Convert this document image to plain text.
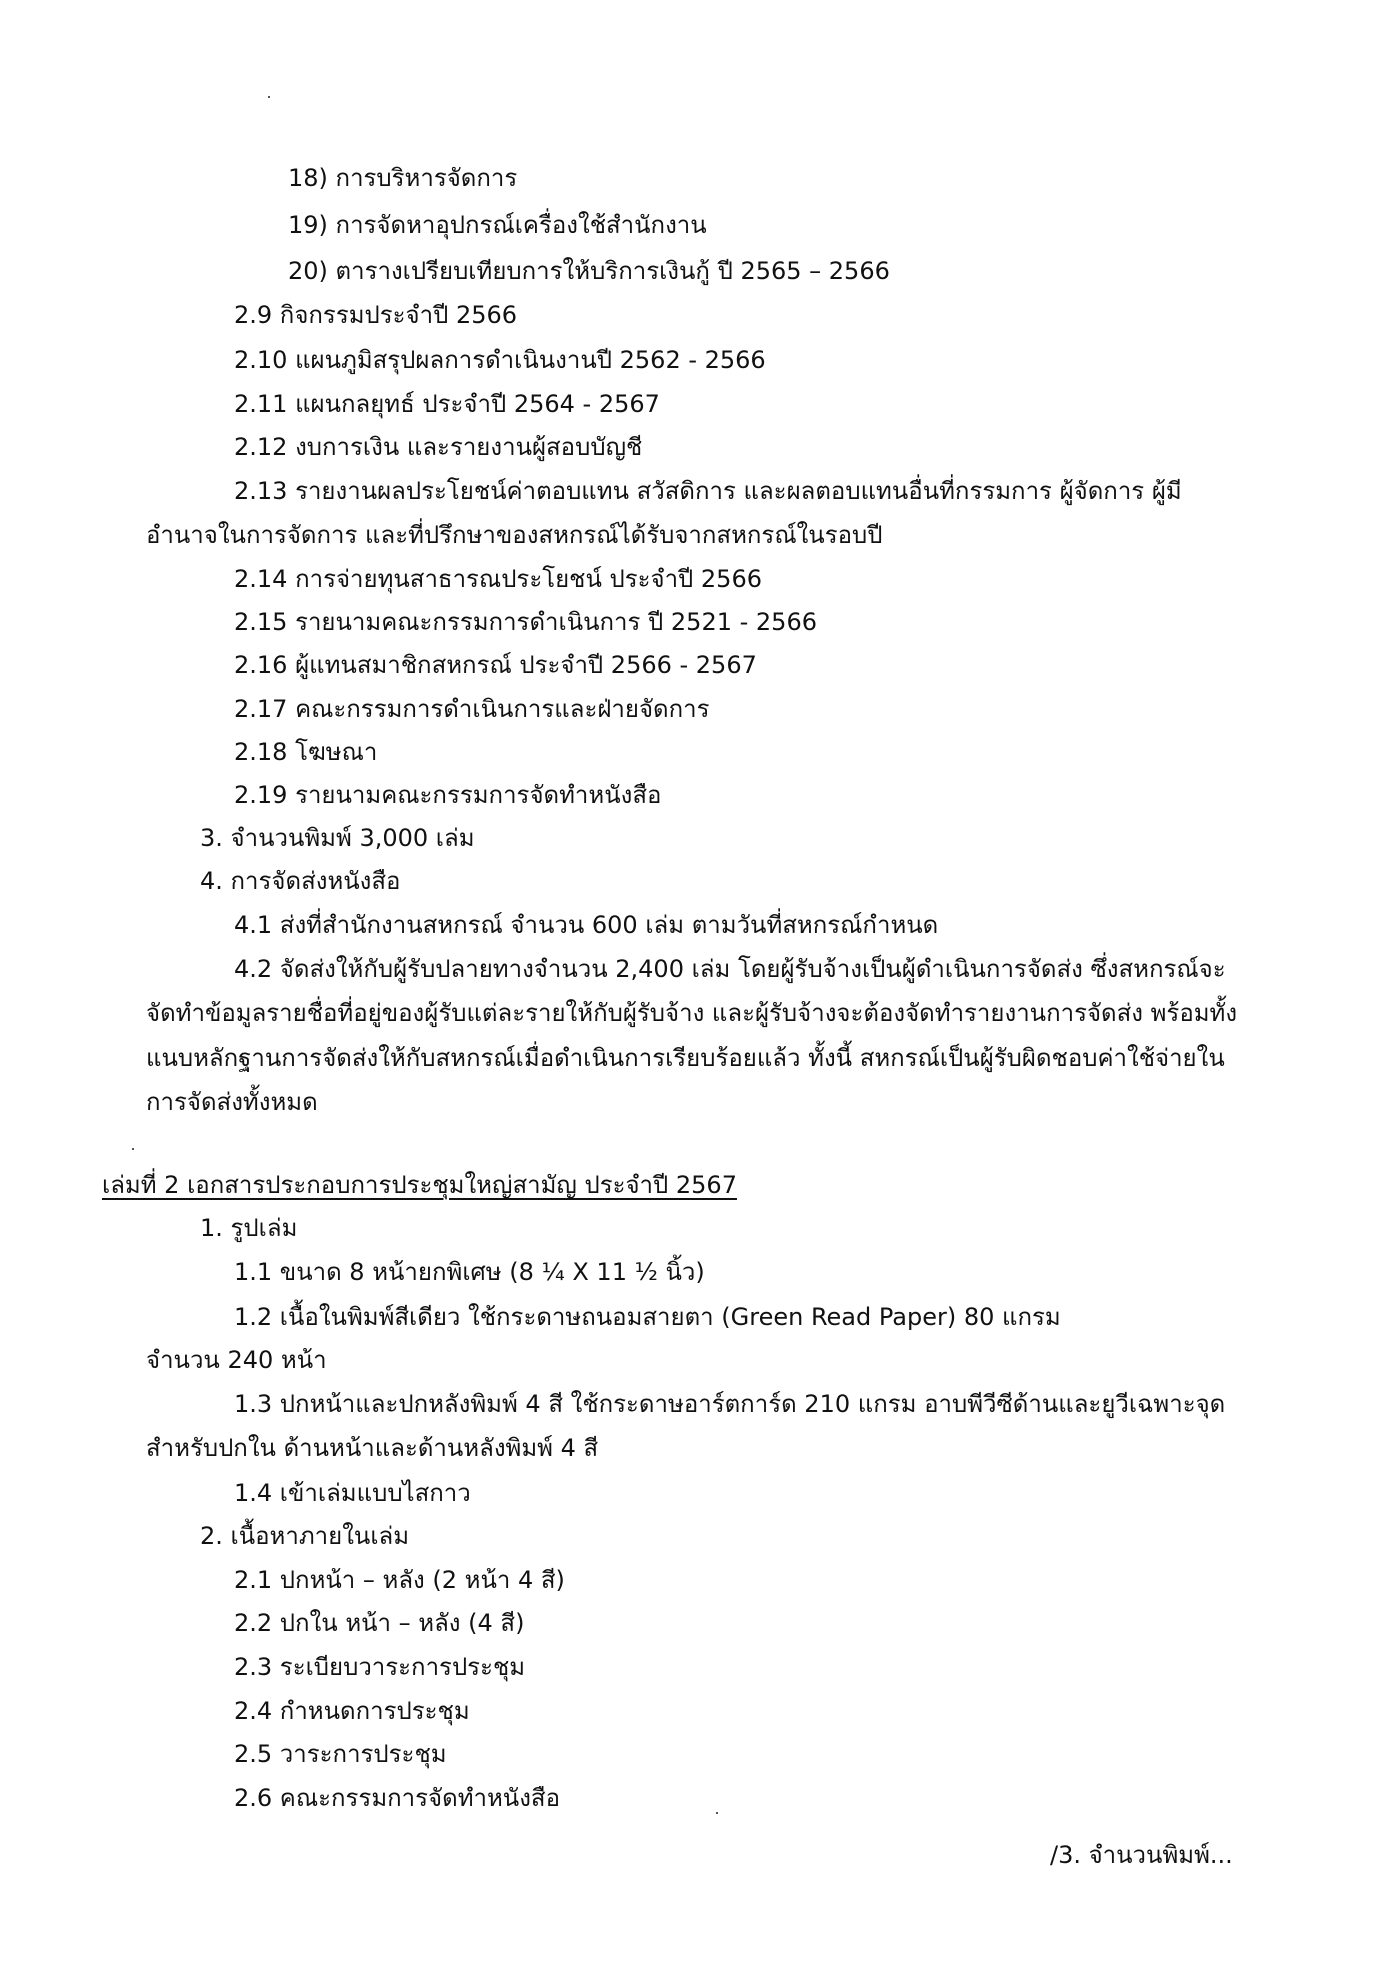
18) การบริหารจัดการ
19) การจัดหาอุปกรณ์เครื่องใช้สำนักงาน
20) ตารางเปรียบเทียบการให้บริการเงินกู้ ปี 2565 – 2566
2.9 กิจกรรมประจำปี 2566
2.10 แผนภูมิสรุปผลการดำเนินงานปี 2562 - 2566
2.11 แผนกลยุทธ์ ประจำปี 2564 - 2567
2.12 งบการเงิน และรายงานผู้สอบบัญชี
2.13 รายงานผลประโยชน์ค่าตอบแทน สวัสดิการ และผลตอบแทนอื่นที่กรรมการ ผู้จัดการ ผู้มี
อำนาจในการจัดการ และที่ปรึกษาของสหกรณ์ได้รับจากสหกรณ์ในรอบปี
2.14 การจ่ายทุนสาธารณประโยชน์ ประจำปี 2566
2.15 รายนามคณะกรรมการดำเนินการ ปี 2521 - 2566
2.16 ผู้แทนสมาชิกสหกรณ์ ประจำปี 2566 - 2567
2.17 คณะกรรมการดำเนินการและฝ่ายจัดการ
2.18 โฆษณา
2.19 รายนามคณะกรรมการจัดทำหนังสือ
3. จำนวนพิมพ์ 3,000 เล่ม
4. การจัดส่งหนังสือ
4.1 ส่งที่สำนักงานสหกรณ์ จำนวน 600 เล่ม ตามวันที่สหกรณ์กำหนด
4.2 จัดส่งให้กับผู้รับปลายทางจำนวน 2,400 เล่ม โดยผู้รับจ้างเป็นผู้ดำเนินการจัดส่ง ซึ่งสหกรณ์จะ
จัดทำข้อมูลรายชื่อที่อยู่ของผู้รับแต่ละรายให้กับผู้รับจ้าง และผู้รับจ้างจะต้องจัดทำรายงานการจัดส่ง พร้อมทั้ง
แนบหลักฐานการจัดส่งให้กับสหกรณ์เมื่อดำเนินการเรียบร้อยแล้ว ทั้งนี้ สหกรณ์เป็นผู้รับผิดชอบค่าใช้จ่ายใน
การจัดส่งทั้งหมด
เล่มที่ 2 เอกสารประกอบการประชุมใหญ่สามัญ ประจำปี 2567
1. รูปเล่ม
1.1 ขนาด 8 หน้ายกพิเศษ (8 ¼ X 11 ½ นิ้ว)
1.2 เนื้อในพิมพ์สีเดียว ใช้กระดาษถนอมสายตา (Green Read Paper) 80 แกรม
จำนวน 240 หน้า
1.3 ปกหน้าและปกหลังพิมพ์ 4 สี ใช้กระดาษอาร์ตการ์ด 210 แกรม อาบพีวีซีด้านและยูวีเฉพาะจุด
สำหรับปกใน ด้านหน้าและด้านหลังพิมพ์ 4 สี
1.4 เข้าเล่มแบบไสกาว
2. เนื้อหาภายในเล่ม
2.1 ปกหน้า – หลัง (2 หน้า 4 สี)
2.2 ปกใน หน้า – หลัง (4 สี)
2.3 ระเบียบวาระการประชุม
2.4 กำหนดการประชุม
2.5 วาระการประชุม
2.6 คณะกรรมการจัดทำหนังสือ
/3. จำนวนพิมพ์...
